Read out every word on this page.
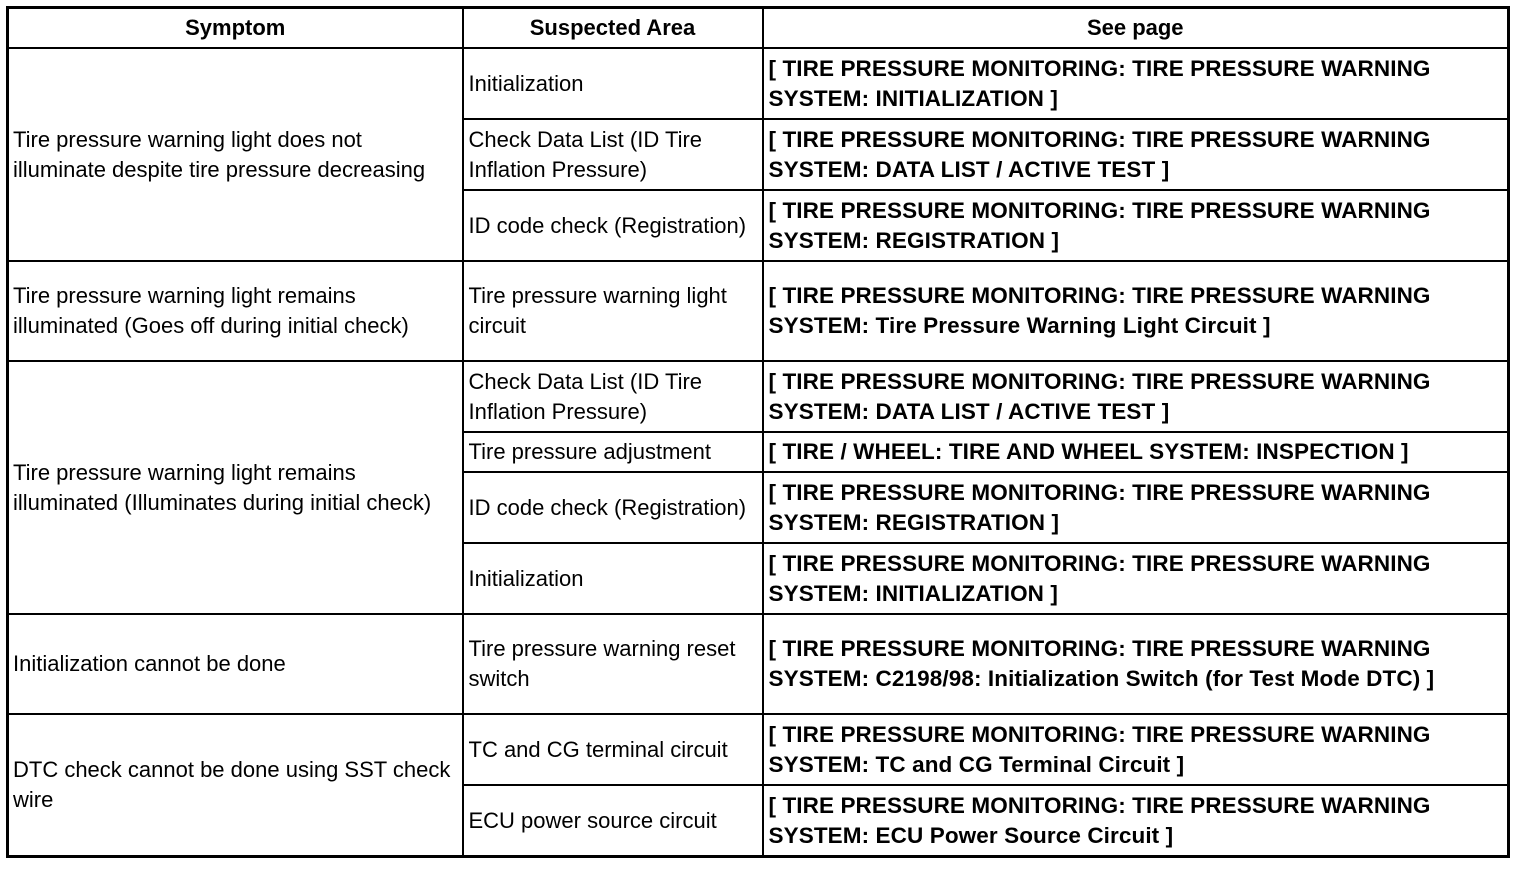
Symptom	Suspected Area	See page
Tire pressure warning light does not illuminate despite tire pressure decreasing	Initialization	[ TIRE PRESSURE MONITORING: TIRE PRESSURE WARNING SYSTEM: INITIALIZATION ]
	Check Data List (ID Tire Inflation Pressure)	[ TIRE PRESSURE MONITORING: TIRE PRESSURE WARNING SYSTEM: DATA LIST / ACTIVE TEST ]
	ID code check (Registration)	[ TIRE PRESSURE MONITORING: TIRE PRESSURE WARNING SYSTEM: REGISTRATION ]
Tire pressure warning light remains illuminated (Goes off during initial check)	Tire pressure warning light circuit	[ TIRE PRESSURE MONITORING: TIRE PRESSURE WARNING SYSTEM: Tire Pressure Warning Light Circuit ]
Tire pressure warning light remains illuminated (Illuminates during initial check)	Check Data List (ID Tire Inflation Pressure)	[ TIRE PRESSURE MONITORING: TIRE PRESSURE WARNING SYSTEM: DATA LIST / ACTIVE TEST ]
	Tire pressure adjustment	[ TIRE / WHEEL: TIRE AND WHEEL SYSTEM: INSPECTION ]
	ID code check (Registration)	[ TIRE PRESSURE MONITORING: TIRE PRESSURE WARNING SYSTEM: REGISTRATION ]
	Initialization	[ TIRE PRESSURE MONITORING: TIRE PRESSURE WARNING SYSTEM: INITIALIZATION ]
Initialization cannot be done	Tire pressure warning reset switch	[ TIRE PRESSURE MONITORING: TIRE PRESSURE WARNING SYSTEM: C2198/98: Initialization Switch (for Test Mode DTC) ]
DTC check cannot be done using SST check wire	TC and CG terminal circuit	[ TIRE PRESSURE MONITORING: TIRE PRESSURE WARNING SYSTEM: TC and CG Terminal Circuit ]
	ECU power source circuit	[ TIRE PRESSURE MONITORING: TIRE PRESSURE WARNING SYSTEM: ECU Power Source Circuit ]
